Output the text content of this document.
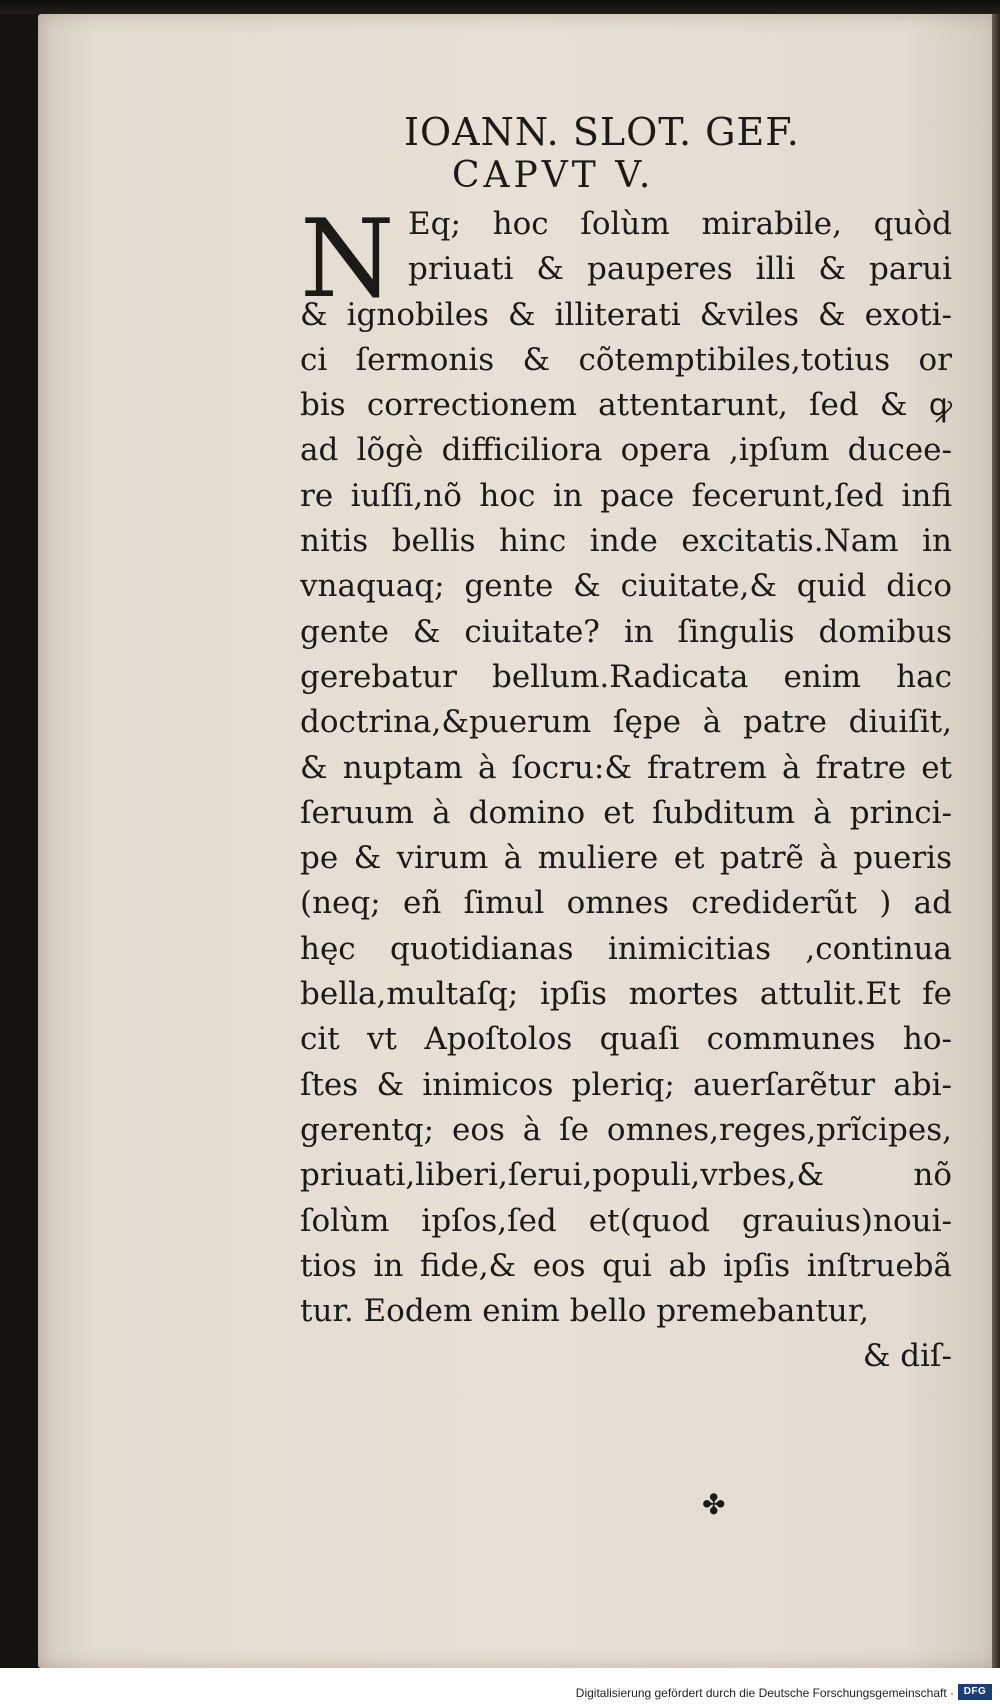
IOANN. SLOT. GEF.
CAPVT V.
Eq; hoc ſolùm mirabile, quòd
priuati & pauperes illi & parui
& ignobiles & illiterati &viles & exoti-
ci ſermonis & cõtemptibiles,totius or
bis correctionem attentarunt, ſed & ꝙ
ad lõgè difficiliora opera ,ipſum ducee-
re iuſſi,nõ hoc in pace fecerunt,ſed infi
nitis bellis hinc inde excitatis.Nam in
vnaquaq; gente & ciuitate,& quid dico
gente & ciuitate? in ſingulis domibus
gerebatur bellum.Radicata enim hac
doctrina,&puerum ſępe à patre diuiſit,
& nuptam à ſocru:& fratrem à fratre et
ſeruum à domino et ſubditum à princi-
pe & virum à muliere et patrẽ à pueris
(neq; eñ ſimul omnes crediderũt ) ad
hęc quotidianas inimicitias ,continua
bella,multaſq; ipſis mortes attulit.Et fe
cit vt Apoſtolos quaſi communes ho-
ſtes & inimicos pleriq; auerſarẽtur abi-
gerentq; eos à ſe omnes,reges,prĩcipes,
priuati,liberi,ſerui,populi,vrbes,& nõ
ſolùm ipſos,ſed et(quod grauius)noui-
tios in fide,& eos qui ab ipſis inſtruebã
tur. Eodem enim bello premebantur,
& diſ-
N
✤
Digitalisierung gefördert durch die Deutsche Forschungsgemeinschaft · DFG
